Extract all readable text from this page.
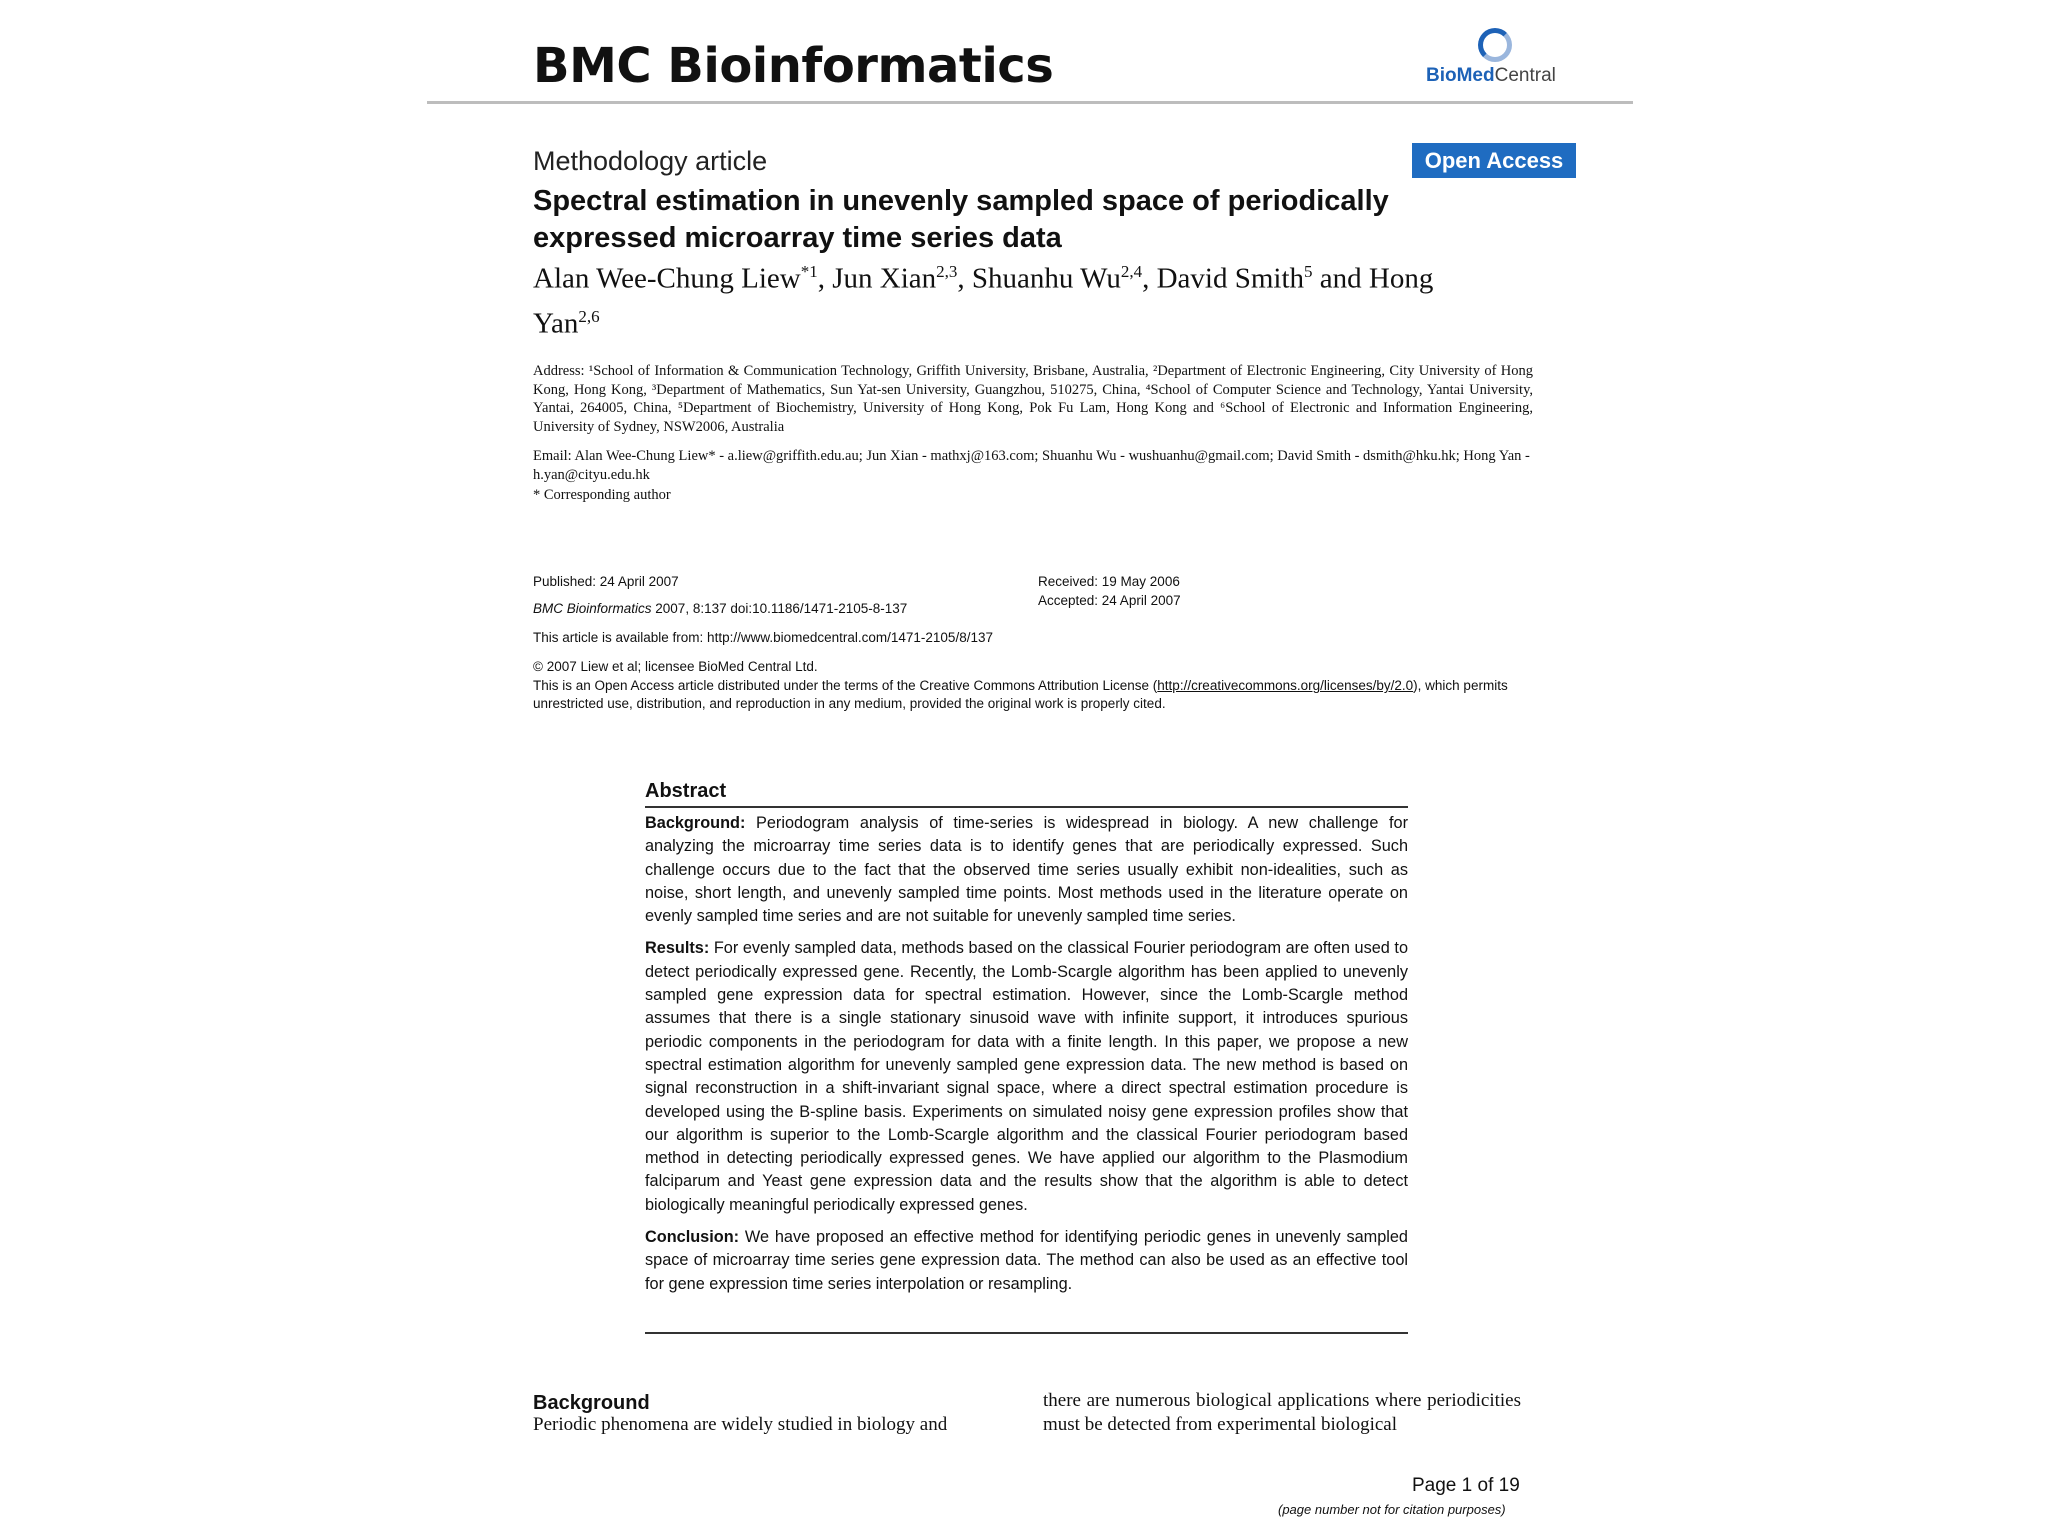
BMC Bioinformatics	BioMedCentral
Methodology article	Open Access
Spectral estimation in unevenly sampled space of periodically expressed microarray time series data
Alan Wee-Chung Liew$^{*1}$, Jun Xian$^{2,3}$, Shuanhu Wu$^{2,4}$, David Smith$^5$ and Hong Yan$^{2,6}$
Address: ¹School of Information & Communication Technology, Griffith University, Brisbane, Australia, ²Department of Electronic Engineering, City University of Hong Kong, Hong Kong, ³Department of Mathematics, Sun Yat-sen University, Guangzhou, 510275, China, ⁴School of Computer Science and Technology, Yantai University, Yantai, 264005, China, ⁵Department of Biochemistry, University of Hong Kong, Pok Fu Lam, Hong Kong and ⁶School of Electronic and Information Engineering, University of Sydney, NSW2006, Australia
Email: Alan Wee-Chung Liew* - a.liew@griffith.edu.au; Jun Xian - mathxj@163.com; Shuanhu Wu - wushuanhu@gmail.com; David Smith - dsmith@hku.hk; Hong Yan - h.yan@cityu.edu.hk
* Corresponding author
Published: 24 April 2007
BMC Bioinformatics 2007, 8:137 doi:10.1186/1471-2105-8-137
Received: 19 May 2006
Accepted: 24 April 2007
This article is available from: http://www.biomedcentral.com/1471-2105/8/137
© 2007 Liew et al; licensee BioMed Central Ltd.
This is an Open Access article distributed under the terms of the Creative Commons Attribution License (http://creativecommons.org/licenses/by/2.0), which permits unrestricted use, distribution, and reproduction in any medium, provided the original work is properly cited.
Abstract

Background: Periodogram analysis of time-series is widespread in biology. A new challenge for analyzing the microarray time series data is to identify genes that are periodically expressed. Such challenge occurs due to the fact that the observed time series usually exhibit non-idealities, such as noise, short length, and unevenly sampled time points. Most methods used in the literature operate on evenly sampled time series and are not suitable for unevenly sampled time series.

Results: For evenly sampled data, methods based on the classical Fourier periodogram are often used to detect periodically expressed gene. Recently, the Lomb-Scargle algorithm has been applied to unevenly sampled gene expression data for spectral estimation. However, since the Lomb-Scargle method assumes that there is a single stationary sinusoid wave with infinite support, it introduces spurious periodic components in the periodogram for data with a finite length. In this paper, we propose a new spectral estimation algorithm for unevenly sampled gene expression data. The new method is based on signal reconstruction in a shift-invariant signal space, where a direct spectral estimation procedure is developed using the B-spline basis. Experiments on simulated noisy gene expression profiles show that our algorithm is superior to the Lomb-Scargle algorithm and the classical Fourier periodogram based method in detecting periodically expressed genes. We have applied our algorithm to the Plasmodium falciparum and Yeast gene expression data and the results show that the algorithm is able to detect biologically meaningful periodically expressed genes.

Conclusion: We have proposed an effective method for identifying periodic genes in unevenly sampled space of microarray time series gene expression data. The method can also be used as an effective tool for gene expression time series interpolation or resampling.

Background
Periodic phenomena are widely studied in biology and
there are numerous biological applications where periodicities must be detected from experimental biological
Page 1 of 19
(page number not for citation purposes)
